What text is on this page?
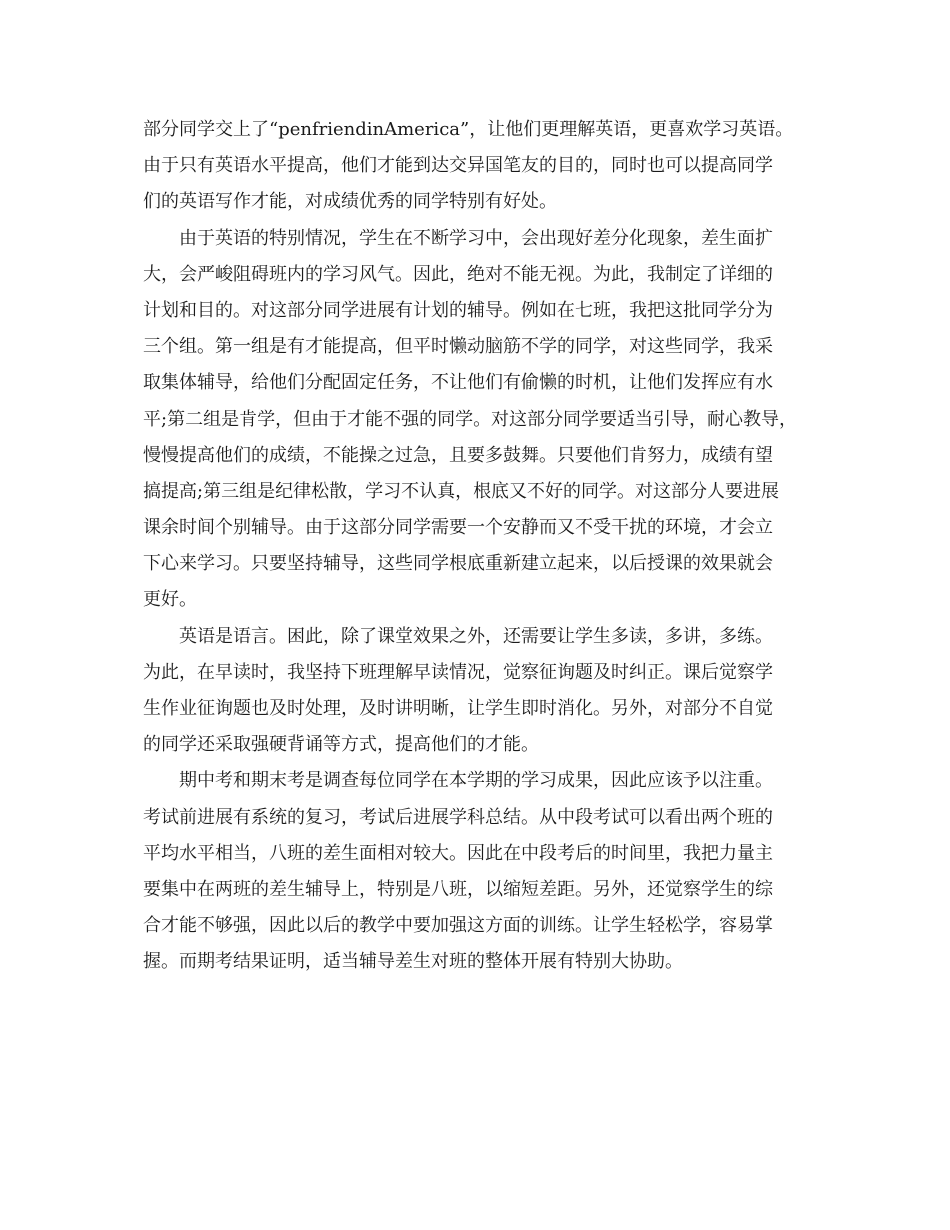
部分同学交上了“penfriendinAmerica”，让他们更理解英语，更喜欢学习英语。
由于只有英语水平提高，他们才能到达交异国笔友的目的，同时也可以提高同学
们的英语写作才能，对成绩优秀的同学特别有好处。
由于英语的特别情况，学生在不断学习中，会出现好差分化现象，差生面扩
大，会严峻阻碍班内的学习风气。因此，绝对不能无视。为此，我制定了详细的
计划和目的。对这部分同学进展有计划的辅导。例如在七班，我把这批同学分为
三个组。第一组是有才能提高，但平时懒动脑筋不学的同学，对这些同学，我采
取集体辅导，给他们分配固定任务，不让他们有偷懒的时机，让他们发挥应有水
平;第二组是肯学，但由于才能不强的同学。对这部分同学要适当引导，耐心教导，
慢慢提高他们的成绩，不能操之过急，且要多鼓舞。只要他们肯努力，成绩有望
搞提高;第三组是纪律松散，学习不认真，根底又不好的同学。对这部分人要进展
课余时间个别辅导。由于这部分同学需要一个安静而又不受干扰的环境，才会立
下心来学习。只要坚持辅导，这些同学根底重新建立起来，以后授课的效果就会
更好。
英语是语言。困此，除了课堂效果之外，还需要让学生多读，多讲，多练。
为此，在早读时，我坚持下班理解早读情况，觉察征询题及时纠正。课后觉察学
生作业征询题也及时处理，及时讲明晰，让学生即时消化。另外，对部分不自觉
的同学还采取强硬背诵等方式，提高他们的才能。
期中考和期末考是调查每位同学在本学期的学习成果，因此应该予以注重。
考试前进展有系统的复习，考试后进展学科总结。从中段考试可以看出两个班的
平均水平相当，八班的差生面相对较大。因此在中段考后的时间里，我把力量主
要集中在两班的差生辅导上，特别是八班，以缩短差距。另外，还觉察学生的综
合才能不够强，因此以后的教学中要加强这方面的训练。让学生轻松学，容易掌
握。而期考结果证明，适当辅导差生对班的整体开展有特别大协助。
